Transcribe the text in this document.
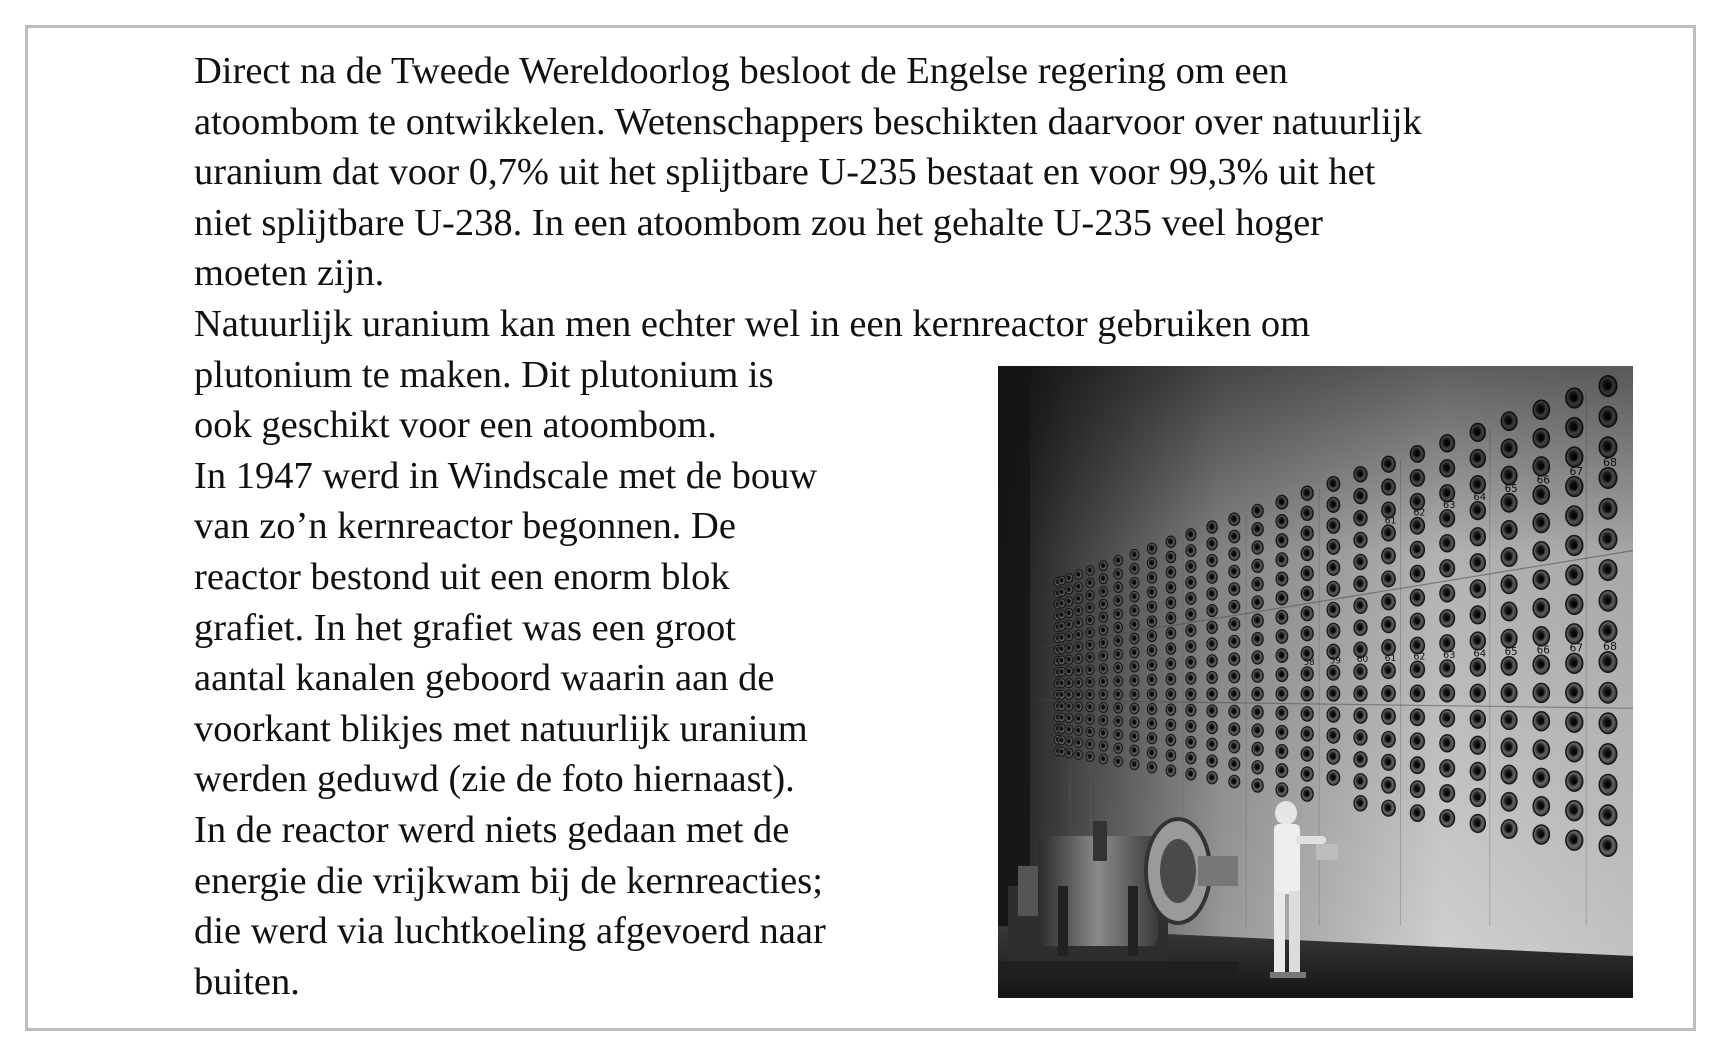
Direct na de Tweede Wereldoorlog besloot de Engelse regering om een
atoombom te ontwikkelen. Wetenschappers beschikten daarvoor over natuurlijk
uranium dat voor 0,7% uit het splijtbare U-235 bestaat en voor 99,3% uit het
niet splijtbare U-238. In een atoombom zou het gehalte U-235 veel hoger
moeten zijn.
Natuurlijk uranium kan men echter wel in een kernreactor gebruiken om
plutonium te maken. Dit plutonium is
ook geschikt voor een atoombom.
In 1947 werd in Windscale met de bouw
van zo’n kernreactor begonnen. De
reactor bestond uit een enorm blok
grafiet. In het grafiet was een groot
aantal kanalen geboord waarin aan de
voorkant blikjes met natuurlijk uranium
werden geduwd (zie de foto hiernaast).
In de reactor werd niets gedaan met de
energie die vrijkwam bij de kernreacties;
die werd via luchtkoeling afgevoerd naar
buiten.
